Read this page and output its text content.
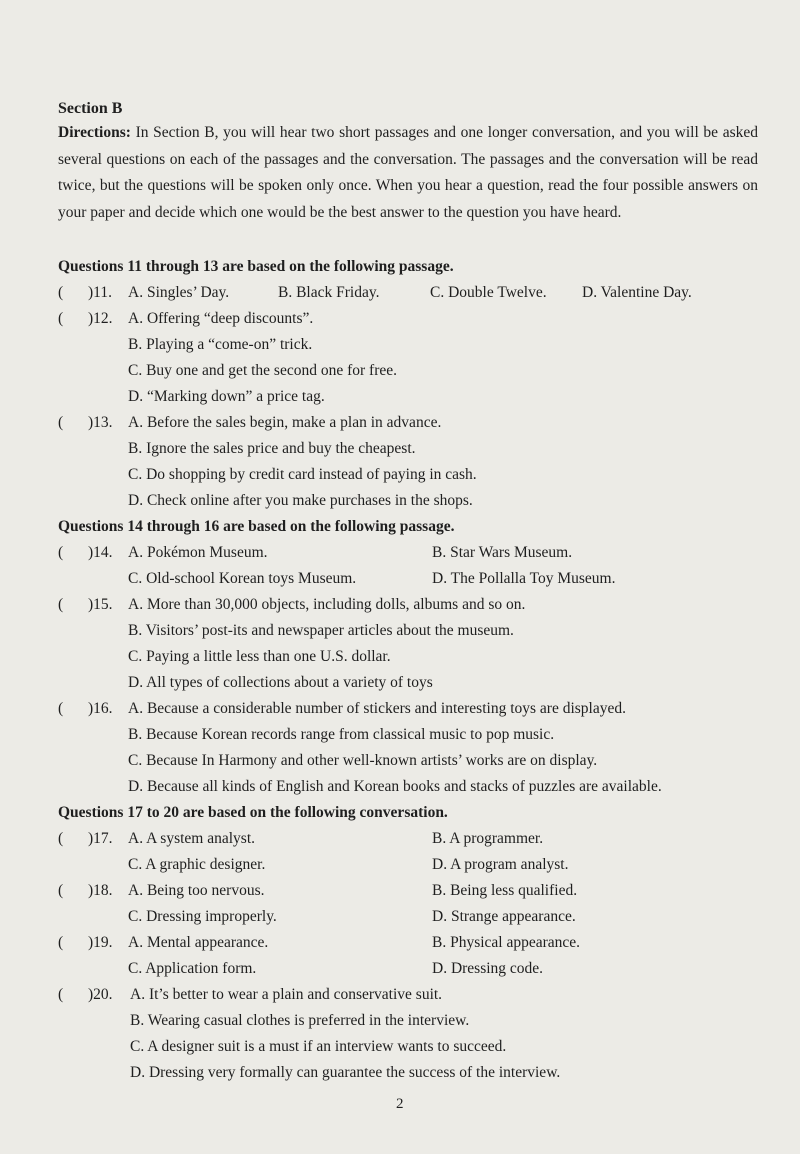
Section B
Directions: In Section B, you will hear two short passages and one longer conversation, and you will be asked several questions on each of the passages and the conversation. The passages and the conversation will be read twice, but the questions will be spoken only once. When you hear a question, read the four possible answers on your paper and decide which one would be the best answer to the question you have heard.
Questions 11 through 13 are based on the following passage.
( )11. A. Singles’ Day.	B. Black Friday.	C. Double Twelve. D. Valentine Day.
( )12. A. Offering “deep discounts”.
B. Playing a “come-on” trick.
C. Buy one and get the second one for free.
D. “Marking down” a price tag.
( )13. A. Before the sales begin, make a plan in advance.
B. Ignore the sales price and buy the cheapest.
C. Do shopping by credit card instead of paying in cash.
D. Check online after you make purchases in the shops.
Questions 14 through 16 are based on the following passage.
( )14. A. Pokémon Museum.	B. Star Wars Museum.
C. Old-school Korean toys Museum.	D. The Pollalla Toy Museum.
( )15. A. More than 30,000 objects, including dolls, albums and so on.
B. Visitors’ post-its and newspaper articles about the museum.
C. Paying a little less than one U.S. dollar.
D. All types of collections about a variety of toys
( )16. A. Because a considerable number of stickers and interesting toys are displayed.
B. Because Korean records range from classical music to pop music.
C. Because In Harmony and other well-known artists’ works are on display.
D. Because all kinds of English and Korean books and stacks of puzzles are available.
Questions 17 to 20 are based on the following conversation.
( )17. A. A system analyst.	B. A programmer.
C. A graphic designer.	D. A program analyst.
( )18. A. Being too nervous.	B. Being less qualified.
C. Dressing improperly.	D. Strange appearance.
( )19. A. Mental appearance.	B. Physical appearance.
C. Application form.	D. Dressing code.
( )20. A. It’s better to wear a plain and conservative suit.
B. Wearing casual clothes is preferred in the interview.
C. A designer suit is a must if an interview wants to succeed.
D. Dressing very formally can guarantee the success of the interview.
2
